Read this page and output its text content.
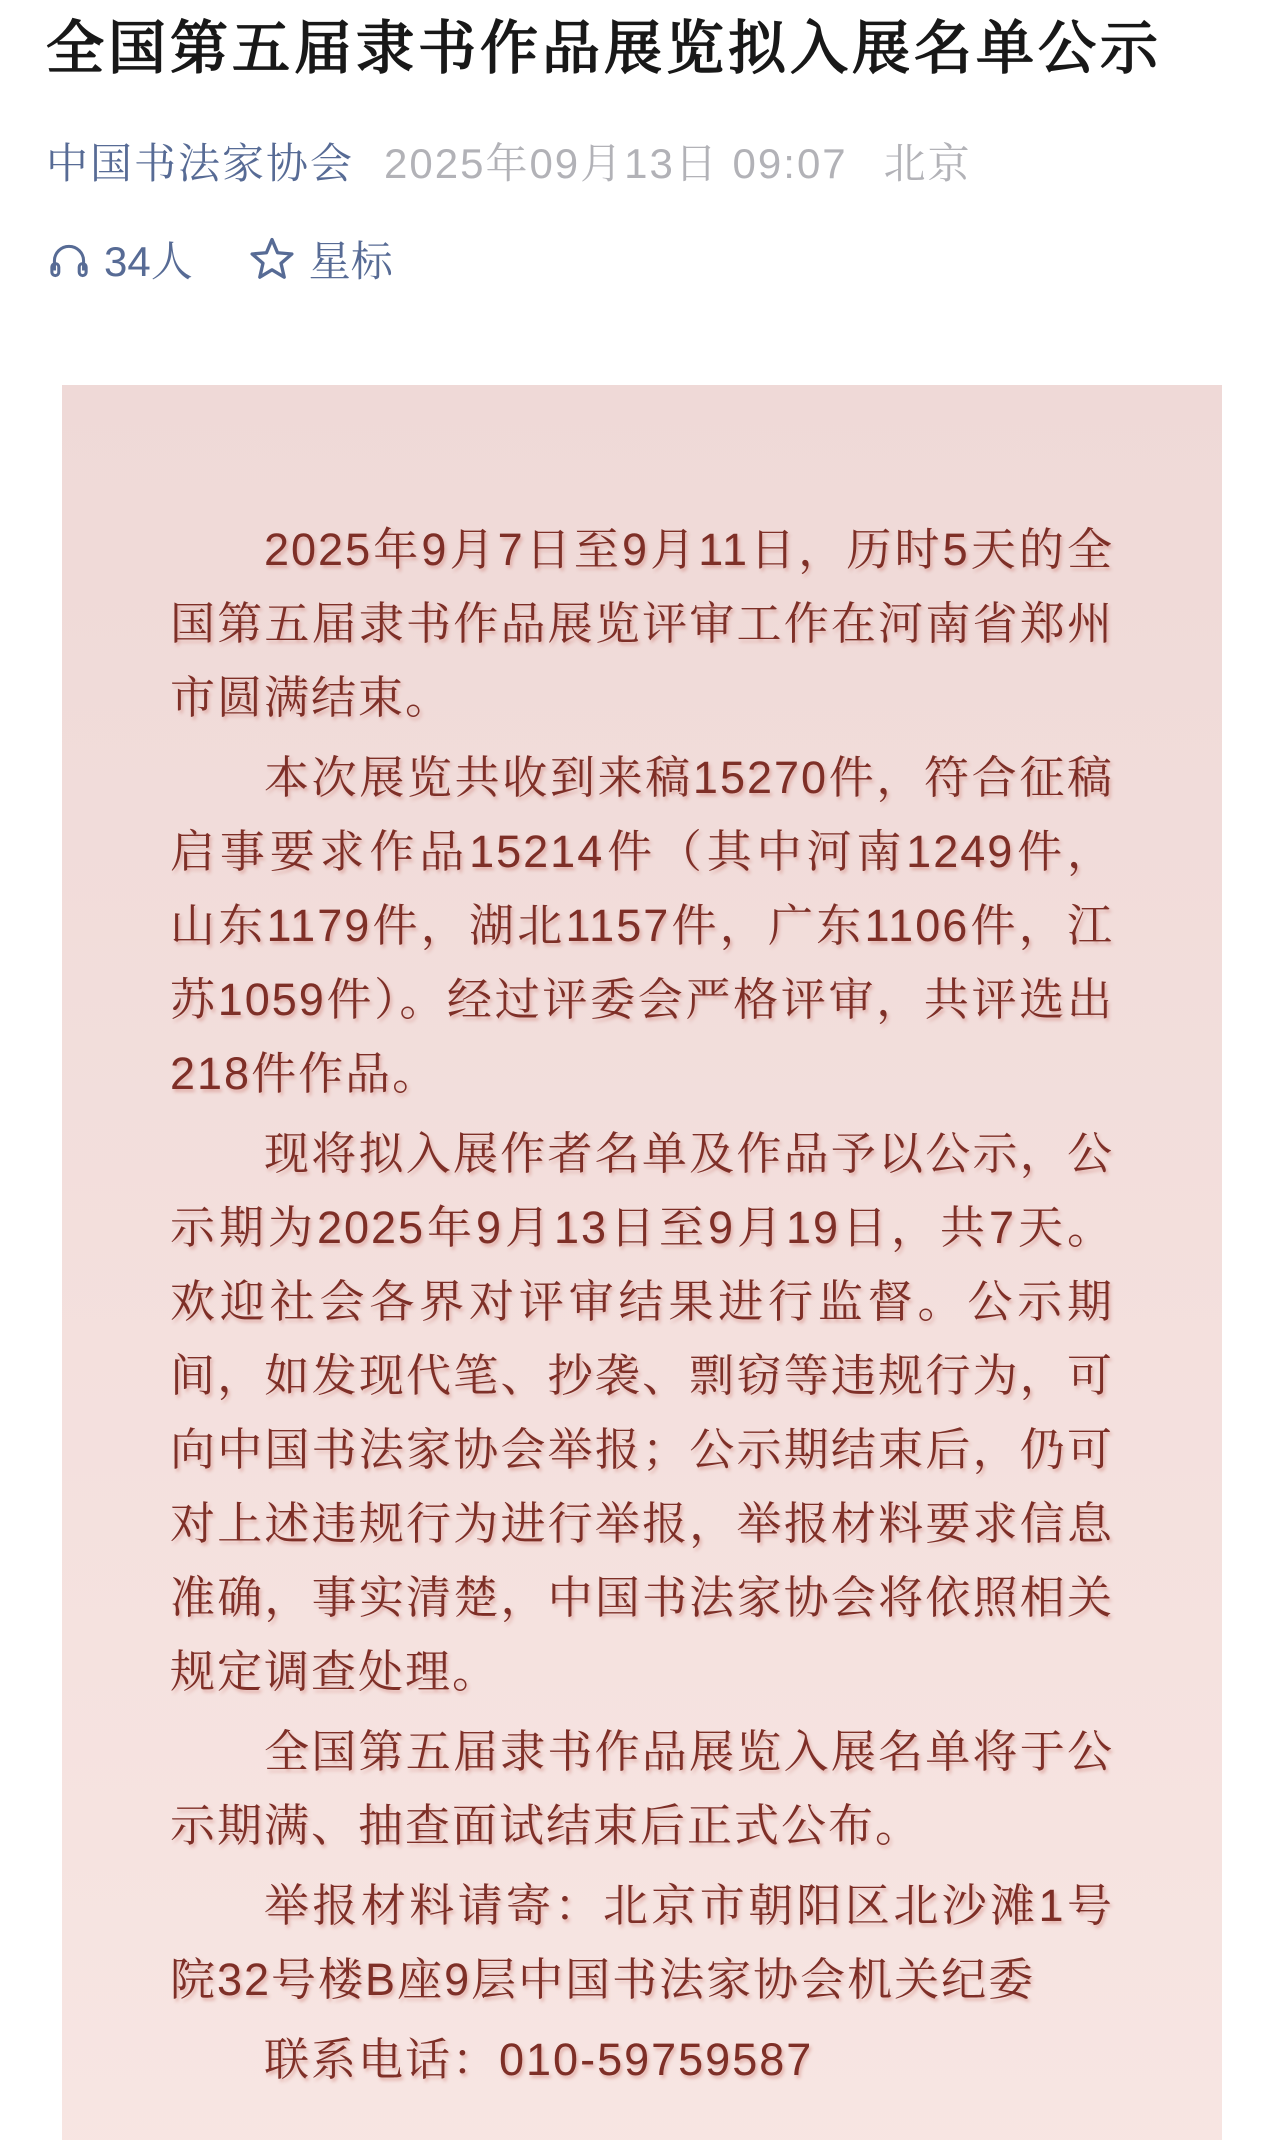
全国第五届隶书作品展览拟入展名单公示
中国书法家协会 2025年09月13日 09:07 北京
34人	星标

2025年9月7日至9月11日，历时5天的全国第五届隶书作品展览评审工作在河南省郑州市圆满结束。

本次展览共收到来稿15270件，符合征稿启事要求作品15214件（其中河南1249件，山东1179件，湖北1157件，广东1106件，江苏1059件）。经过评委会严格评审，共评选出218件作品。

现将拟入展作者名单及作品予以公示，公示期为2025年9月13日至9月19日，共7天。欢迎社会各界对评审结果进行监督。公示期间，如发现代笔、抄袭、剽窃等违规行为，可向中国书法家协会举报；公示期结束后，仍可对上述违规行为进行举报，举报材料要求信息准确，事实清楚，中国书法家协会将依照相关规定调查处理。

全国第五届隶书作品展览入展名单将于公示期满、抽查面试结束后正式公布。

举报材料请寄：北京市朝阳区北沙滩1号院32号楼B座9层中国书法家协会机关纪委

联系电话：010-59759587
